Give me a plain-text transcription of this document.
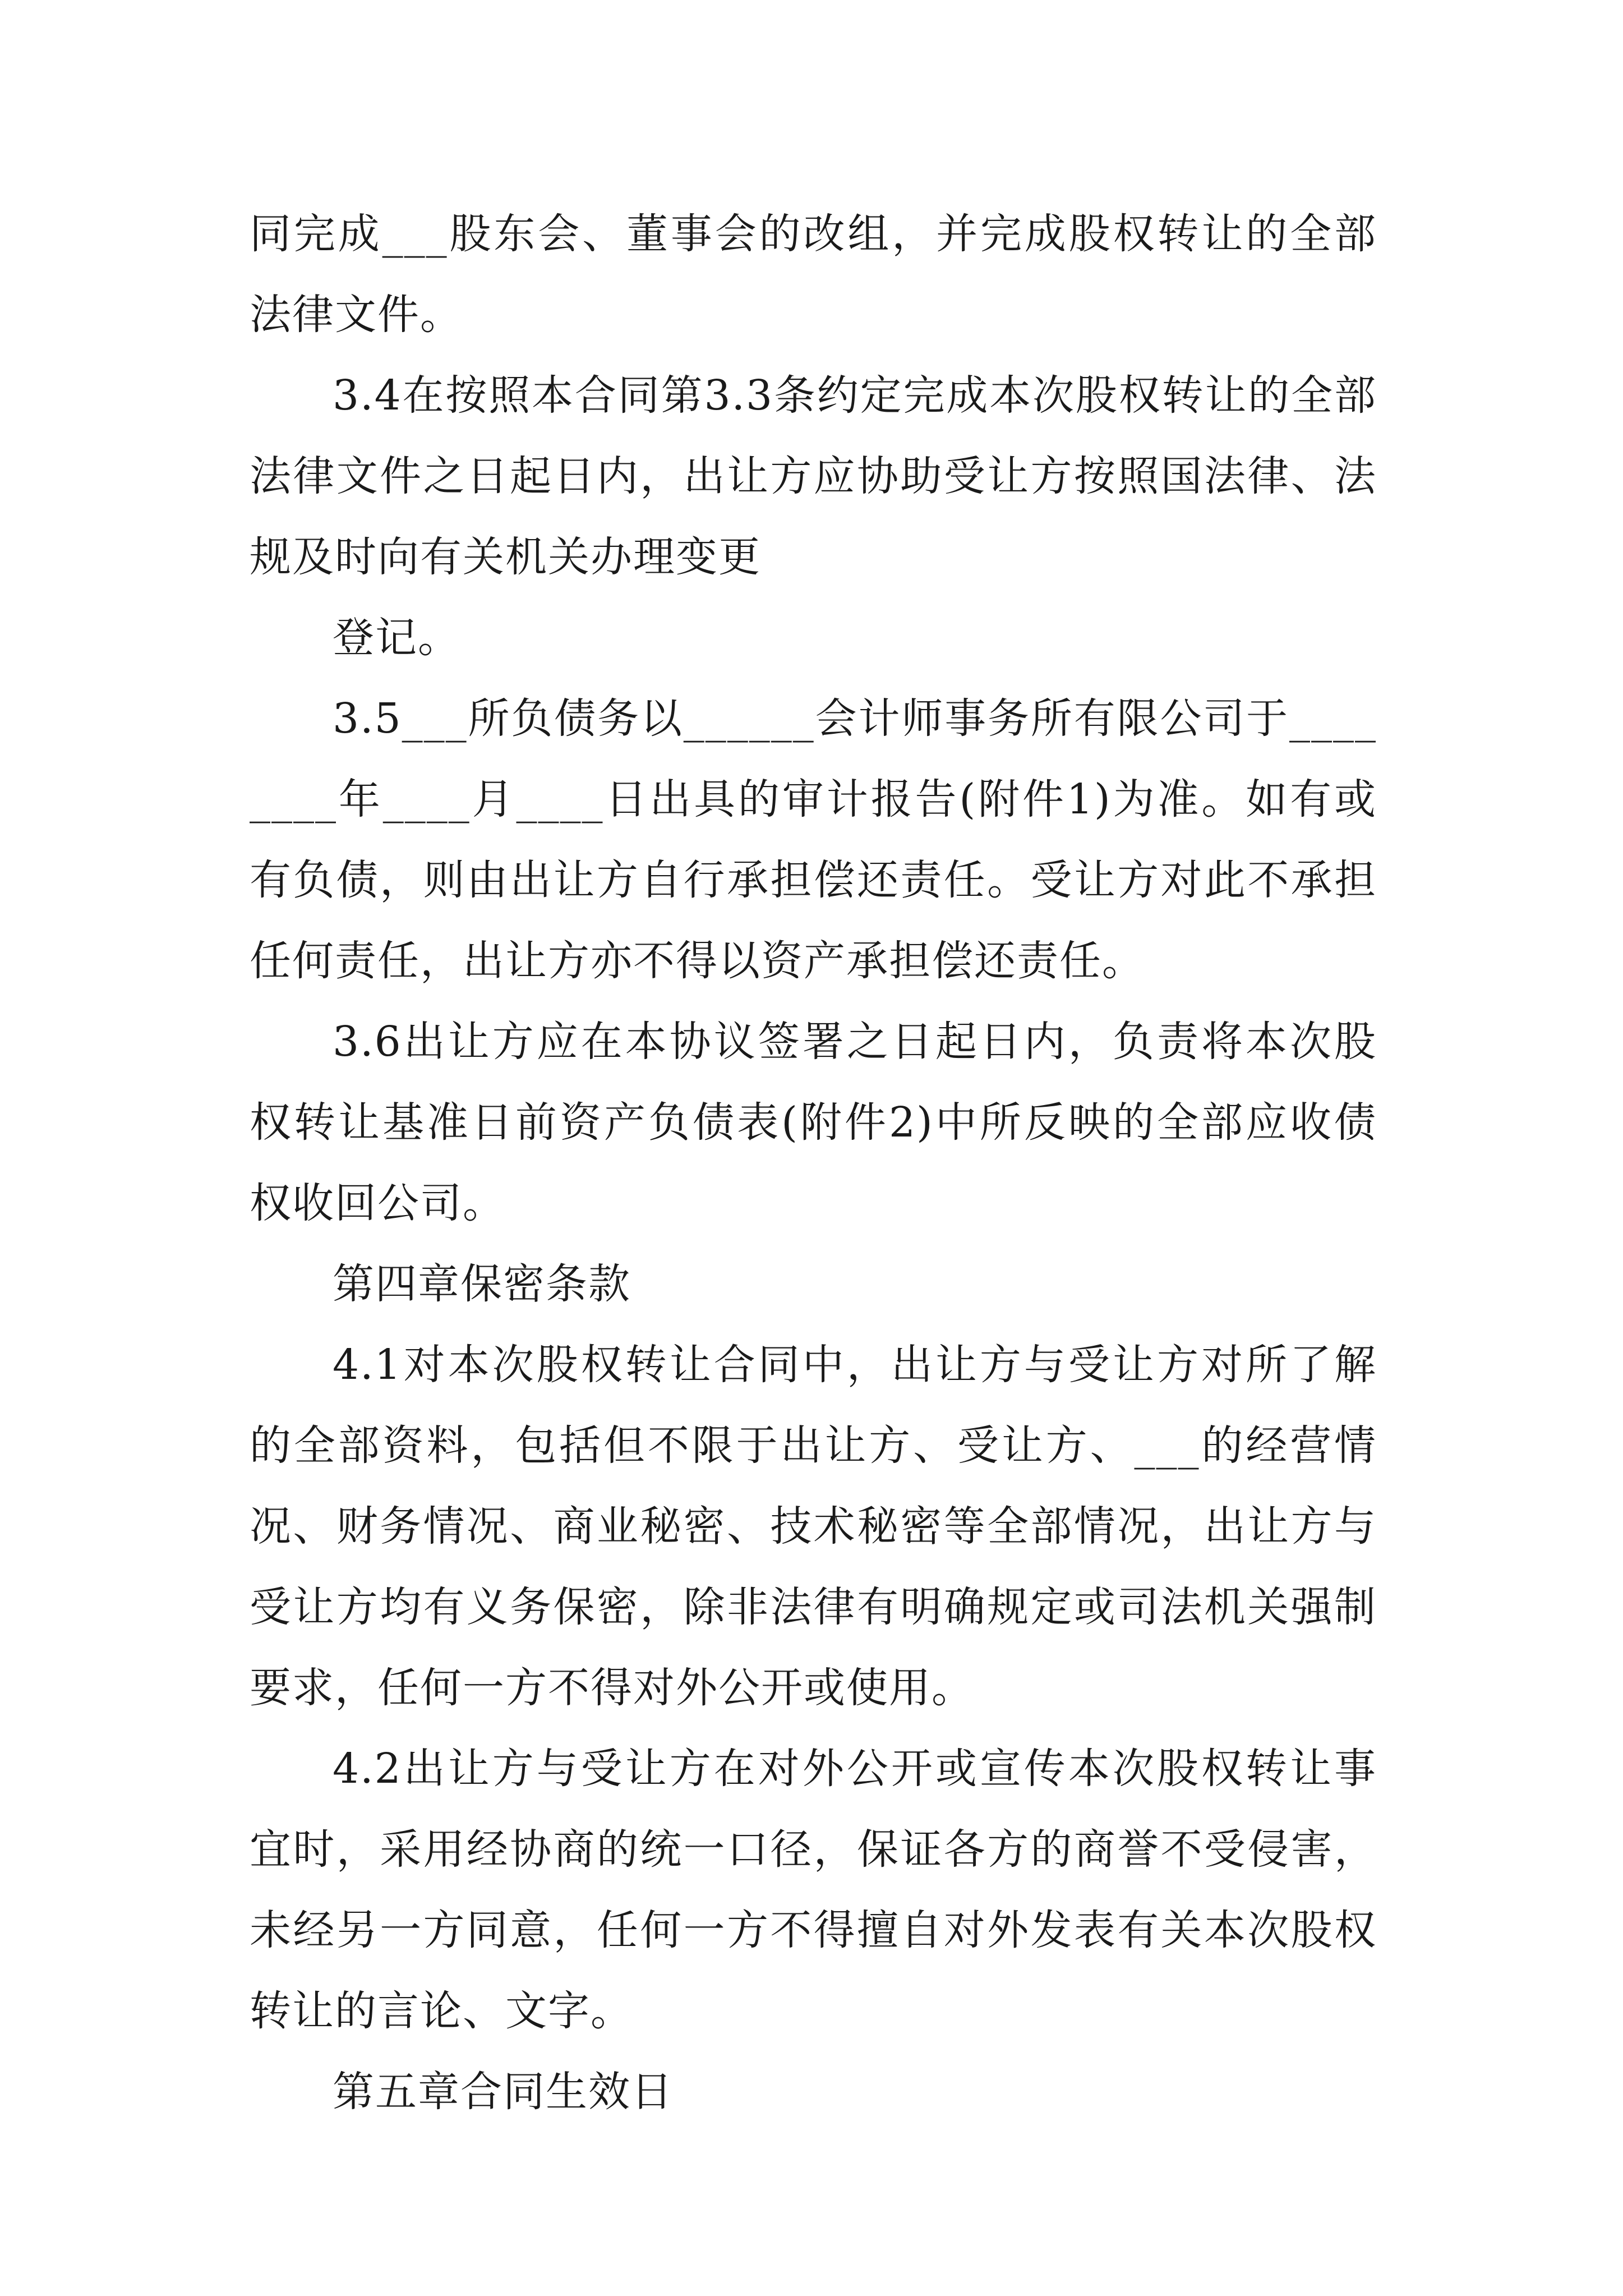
同完成___股东会、董事会的改组，并完成股权转让的全部法律文件。

3.4在按照本合同第3.3条约定完成本次股权转让的全部法律文件之日起日内，出让方应协助受让方按照国法律、法规及时向有关机关办理变更

登记。

3.5___所负债务以______会计师事务所有限公司于________年____月____日出具的审计报告(附件1)为准。如有或有负债，则由出让方自行承担偿还责任。受让方对此不承担任何责任，出让方亦不得以资产承担偿还责任。

3.6出让方应在本协议签署之日起日内，负责将本次股权转让基准日前资产负债表(附件2)中所反映的全部应收债权收回公司。

第四章保密条款

4.1对本次股权转让合同中，出让方与受让方对所了解的全部资料，包括但不限于出让方、受让方、___的经营情况、财务情况、商业秘密、技术秘密等全部情况，出让方与受让方均有义务保密，除非法律有明确规定或司法机关强制要求，任何一方不得对外公开或使用。

4.2出让方与受让方在对外公开或宣传本次股权转让事宜时，采用经协商的统一口径，保证各方的商誉不受侵害，未经另一方同意，任何一方不得擅自对外发表有关本次股权转让的言论、文字。

第五章合同生效日
